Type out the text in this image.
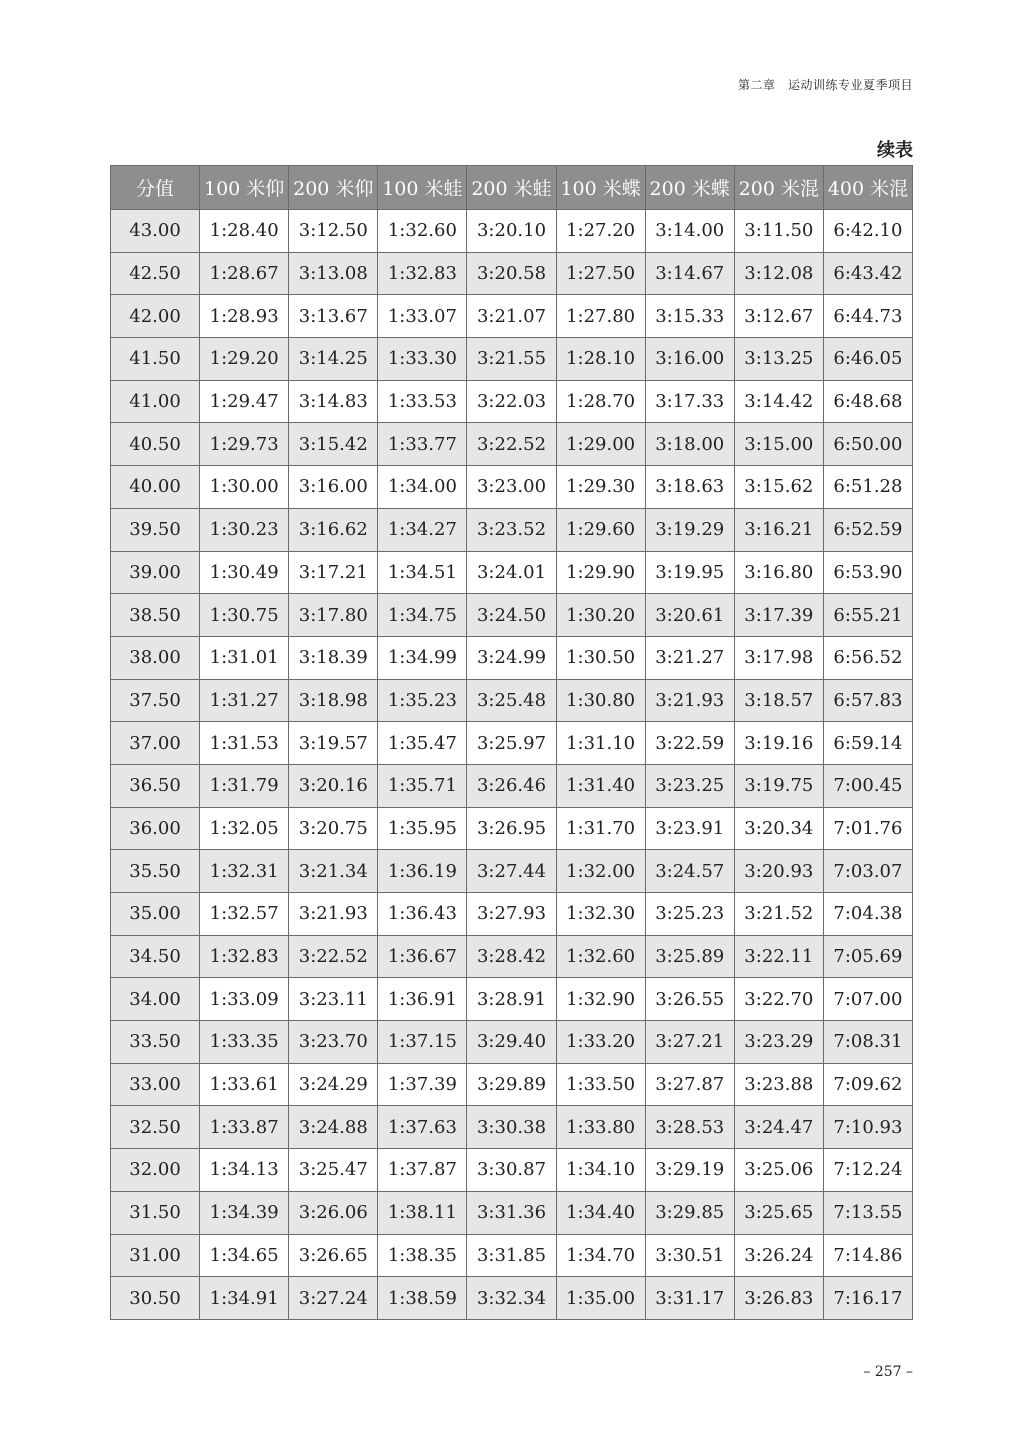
第二章　运动训练专业夏季项目
续表
分值	100 米仰	200 米仰	100 米蛙	200 米蛙	100 米蝶	200 米蝶	200 米混	400 米混
43.00	1:28.40	3:12.50	1:32.60	3:20.10	1:27.20	3:14.00	3:11.50	6:42.10
42.50	1:28.67	3:13.08	1:32.83	3:20.58	1:27.50	3:14.67	3:12.08	6:43.42
42.00	1:28.93	3:13.67	1:33.07	3:21.07	1:27.80	3:15.33	3:12.67	6:44.73
41.50	1:29.20	3:14.25	1:33.30	3:21.55	1:28.10	3:16.00	3:13.25	6:46.05
41.00	1:29.47	3:14.83	1:33.53	3:22.03	1:28.70	3:17.33	3:14.42	6:48.68
40.50	1:29.73	3:15.42	1:33.77	3:22.52	1:29.00	3:18.00	3:15.00	6:50.00
40.00	1:30.00	3:16.00	1:34.00	3:23.00	1:29.30	3:18.63	3:15.62	6:51.28
39.50	1:30.23	3:16.62	1:34.27	3:23.52	1:29.60	3:19.29	3:16.21	6:52.59
39.00	1:30.49	3:17.21	1:34.51	3:24.01	1:29.90	3:19.95	3:16.80	6:53.90
38.50	1:30.75	3:17.80	1:34.75	3:24.50	1:30.20	3:20.61	3:17.39	6:55.21
38.00	1:31.01	3:18.39	1:34.99	3:24.99	1:30.50	3:21.27	3:17.98	6:56.52
37.50	1:31.27	3:18.98	1:35.23	3:25.48	1:30.80	3:21.93	3:18.57	6:57.83
37.00	1:31.53	3:19.57	1:35.47	3:25.97	1:31.10	3:22.59	3:19.16	6:59.14
36.50	1:31.79	3:20.16	1:35.71	3:26.46	1:31.40	3:23.25	3:19.75	7:00.45
36.00	1:32.05	3:20.75	1:35.95	3:26.95	1:31.70	3:23.91	3:20.34	7:01.76
35.50	1:32.31	3:21.34	1:36.19	3:27.44	1:32.00	3:24.57	3:20.93	7:03.07
35.00	1:32.57	3:21.93	1:36.43	3:27.93	1:32.30	3:25.23	3:21.52	7:04.38
34.50	1:32.83	3:22.52	1:36.67	3:28.42	1:32.60	3:25.89	3:22.11	7:05.69
34.00	1:33.09	3:23.11	1:36.91	3:28.91	1:32.90	3:26.55	3:22.70	7:07.00
33.50	1:33.35	3:23.70	1:37.15	3:29.40	1:33.20	3:27.21	3:23.29	7:08.31
33.00	1:33.61	3:24.29	1:37.39	3:29.89	1:33.50	3:27.87	3:23.88	7:09.62
32.50	1:33.87	3:24.88	1:37.63	3:30.38	1:33.80	3:28.53	3:24.47	7:10.93
32.00	1:34.13	3:25.47	1:37.87	3:30.87	1:34.10	3:29.19	3:25.06	7:12.24
31.50	1:34.39	3:26.06	1:38.11	3:31.36	1:34.40	3:29.85	3:25.65	7:13.55
31.00	1:34.65	3:26.65	1:38.35	3:31.85	1:34.70	3:30.51	3:26.24	7:14.86
30.50	1:34.91	3:27.24	1:38.59	3:32.34	1:35.00	3:31.17	3:26.83	7:16.17
– 257 –
